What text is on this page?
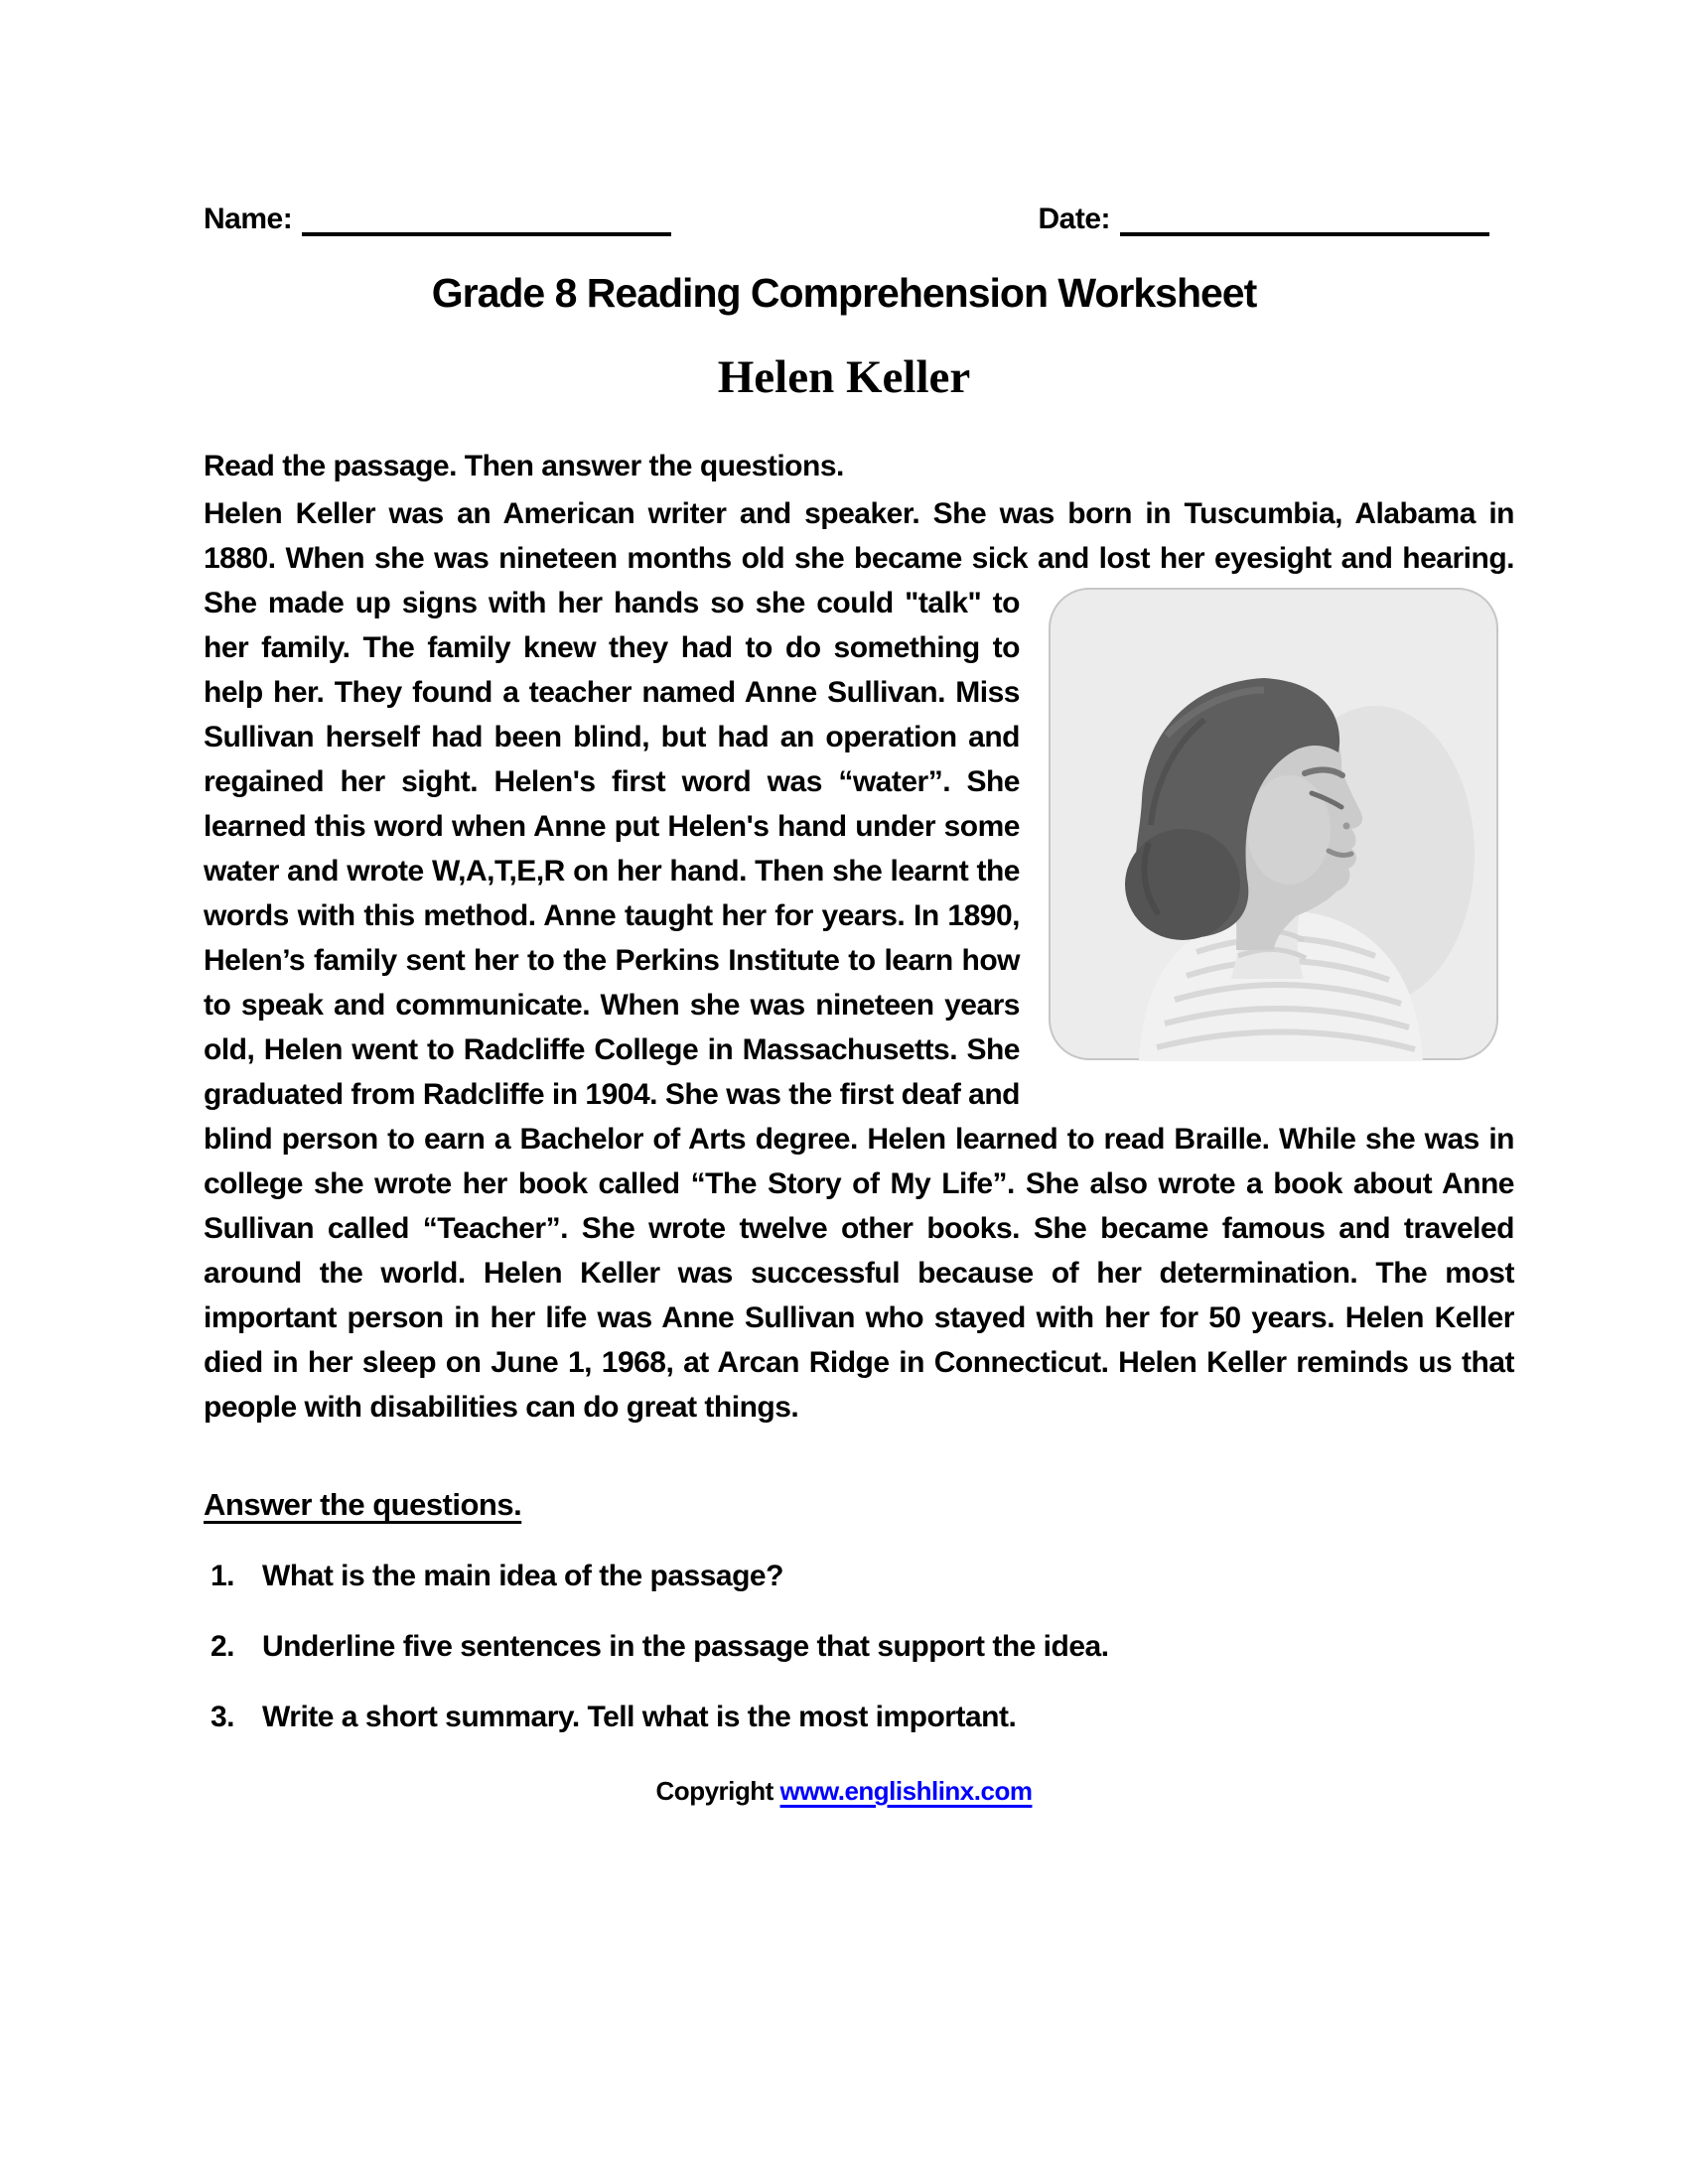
Name:	Date:
Grade 8 Reading Comprehension Worksheet
Helen Keller
Read the passage. Then answer the questions.
Helen Keller was an American writer and speaker. She was born in Tuscumbia, Alabama in 1880. When she was nineteen months old she became sick and lost
her eyesight and hearing. She made up signs with her hands so she could "talk" to her family. The family knew they had to do something to help her. They found a teacher named Anne Sullivan. Miss Sullivan herself had been blind, but had an operation and regained her sight. Helen's first word was “water”. She learned this word when Anne put Helen's hand under some water and wrote W,A,T,E,R on her hand. Then she learnt the words with this method. Anne taught her for years. In 1890, Helen’s family sent her to the Perkins Institute to learn how to speak and communicate. When she was nineteen years old, Helen went to Radcliffe College in Massachusetts. She graduated from Radcliffe in 1904. She was the first deaf and blind person to earn a Bachelor of Arts degree. Helen learned to read Braille. While she was in college she wrote her book called “The Story of My Life”. She also wrote a book about Anne Sullivan called “Teacher”. She wrote twelve other books. She became famous and traveled around the world. Helen Keller was successful because of her determination. The most important person in her life was Anne Sullivan who stayed with her for 50 years. Helen Keller died in her sleep on June 1, 1968, at Arcan Ridge in Connecticut. Helen Keller reminds us that people with disabilities can do great things.
Answer the questions.
1. What is the main idea of the passage?
2. Underline five sentences in the passage that support the idea.
3. Write a short summary. Tell what is the most important.
Copyright www.englishlinx.com
